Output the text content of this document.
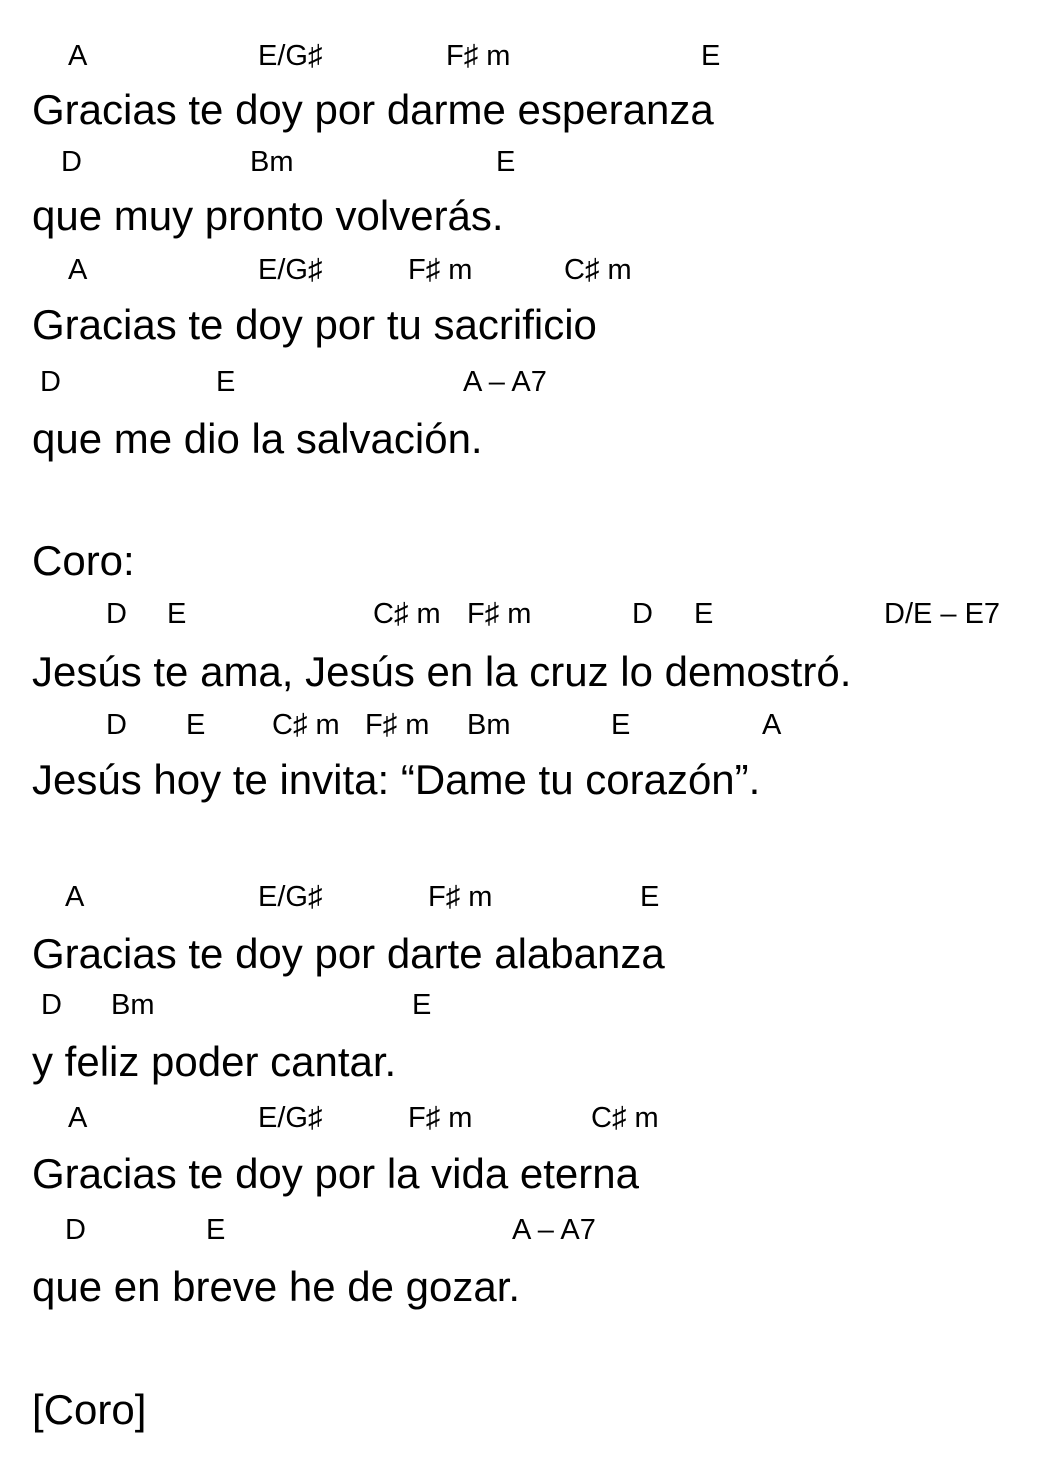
A	E/G♯	F♯ m	E
Gracias te doy por darme esperanza
D	Bm	E
que muy pronto volverás.
A	E/G♯	F♯ m	C♯ m
Gracias te doy por tu sacrificio
D	E	A – A7
que me dio la salvación.
Coro:
D E	C♯ m F♯ m	D E	D/E – E7
Jesús te ama, Jesús en la cruz lo demostró.
D E C♯ m F♯ m Bm	E	A
Jesús hoy te invita: “Dame tu corazón”.
A	E/G♯	F♯ m	E
Gracias te doy por darte alabanza
D Bm	E
y feliz poder cantar.
A	E/G♯	F♯ m	C♯ m
Gracias te doy por la vida eterna
D	E	A – A7
que en breve he de gozar.
[Coro]
